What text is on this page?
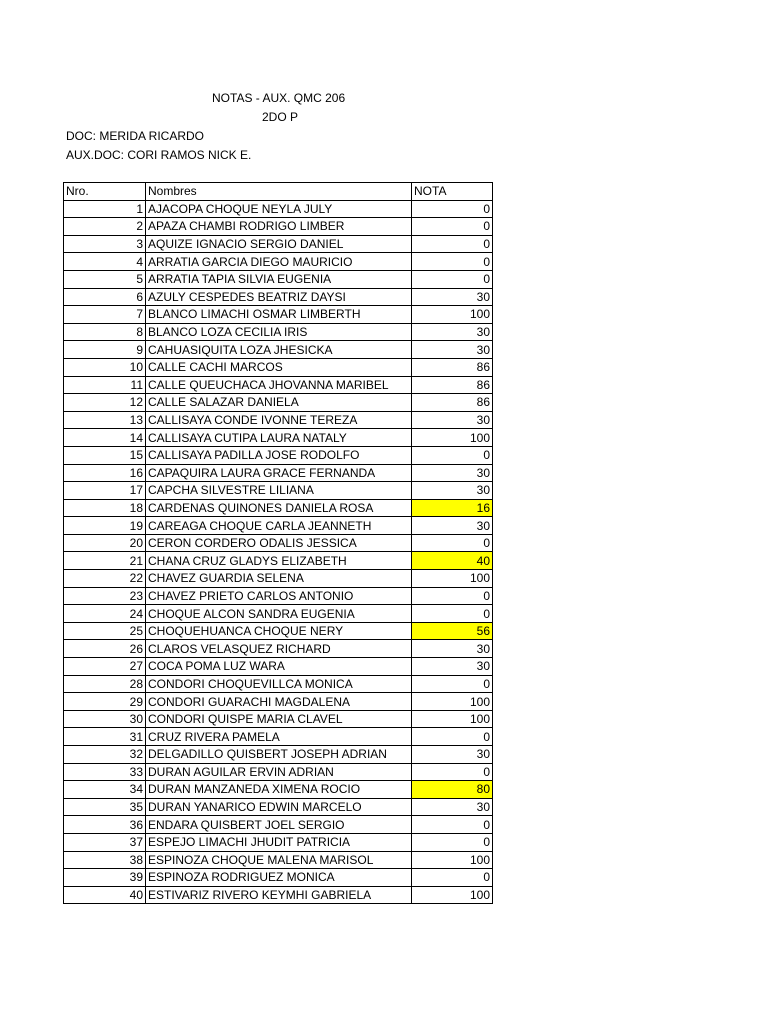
NOTAS - AUX. QMC 206
2DO P
DOC: MERIDA RICARDO
AUX.DOC: CORI RAMOS NICK E.
Nro.	Nombres	NOTA
1	AJACOPA CHOQUE NEYLA JULY	0
2	APAZA CHAMBI RODRIGO LIMBER	0
3	AQUIZE IGNACIO SERGIO DANIEL	0
4	ARRATIA GARCIA DIEGO MAURICIO	0
5	ARRATIA TAPIA SILVIA EUGENIA	0
6	AZULY CESPEDES BEATRIZ DAYSI	30
7	BLANCO LIMACHI OSMAR LIMBERTH	100
8	BLANCO LOZA CECILIA IRIS	30
9	CAHUASIQUITA LOZA JHESICKA	30
10	CALLE CACHI MARCOS	86
11	CALLE QUEUCHACA JHOVANNA MARIBEL	86
12	CALLE SALAZAR DANIELA	86
13	CALLISAYA CONDE IVONNE TEREZA	30
14	CALLISAYA CUTIPA LAURA NATALY	100
15	CALLISAYA PADILLA JOSE RODOLFO	0
16	CAPAQUIRA LAURA GRACE FERNANDA	30
17	CAPCHA SILVESTRE LILIANA	30
18	CARDENAS QUINONES DANIELA ROSA	16
19	CAREAGA CHOQUE CARLA JEANNETH	30
20	CERON CORDERO ODALIS JESSICA	0
21	CHANA CRUZ GLADYS ELIZABETH	40
22	CHAVEZ GUARDIA SELENA	100
23	CHAVEZ PRIETO CARLOS ANTONIO	0
24	CHOQUE ALCON SANDRA EUGENIA	0
25	CHOQUEHUANCA CHOQUE NERY	56
26	CLAROS VELASQUEZ RICHARD	30
27	COCA POMA LUZ WARA	30
28	CONDORI CHOQUEVILLCA MONICA	0
29	CONDORI GUARACHI MAGDALENA	100
30	CONDORI QUISPE MARIA CLAVEL	100
31	CRUZ RIVERA PAMELA	0
32	DELGADILLO QUISBERT JOSEPH ADRIAN	30
33	DURAN AGUILAR ERVIN ADRIAN	0
34	DURAN MANZANEDA XIMENA ROCIO	80
35	DURAN YANARICO EDWIN MARCELO	30
36	ENDARA QUISBERT JOEL SERGIO	0
37	ESPEJO LIMACHI JHUDIT PATRICIA	0
38	ESPINOZA CHOQUE MALENA MARISOL	100
39	ESPINOZA RODRIGUEZ MONICA	0
40	ESTIVARIZ RIVERO KEYMHI GABRIELA	100
